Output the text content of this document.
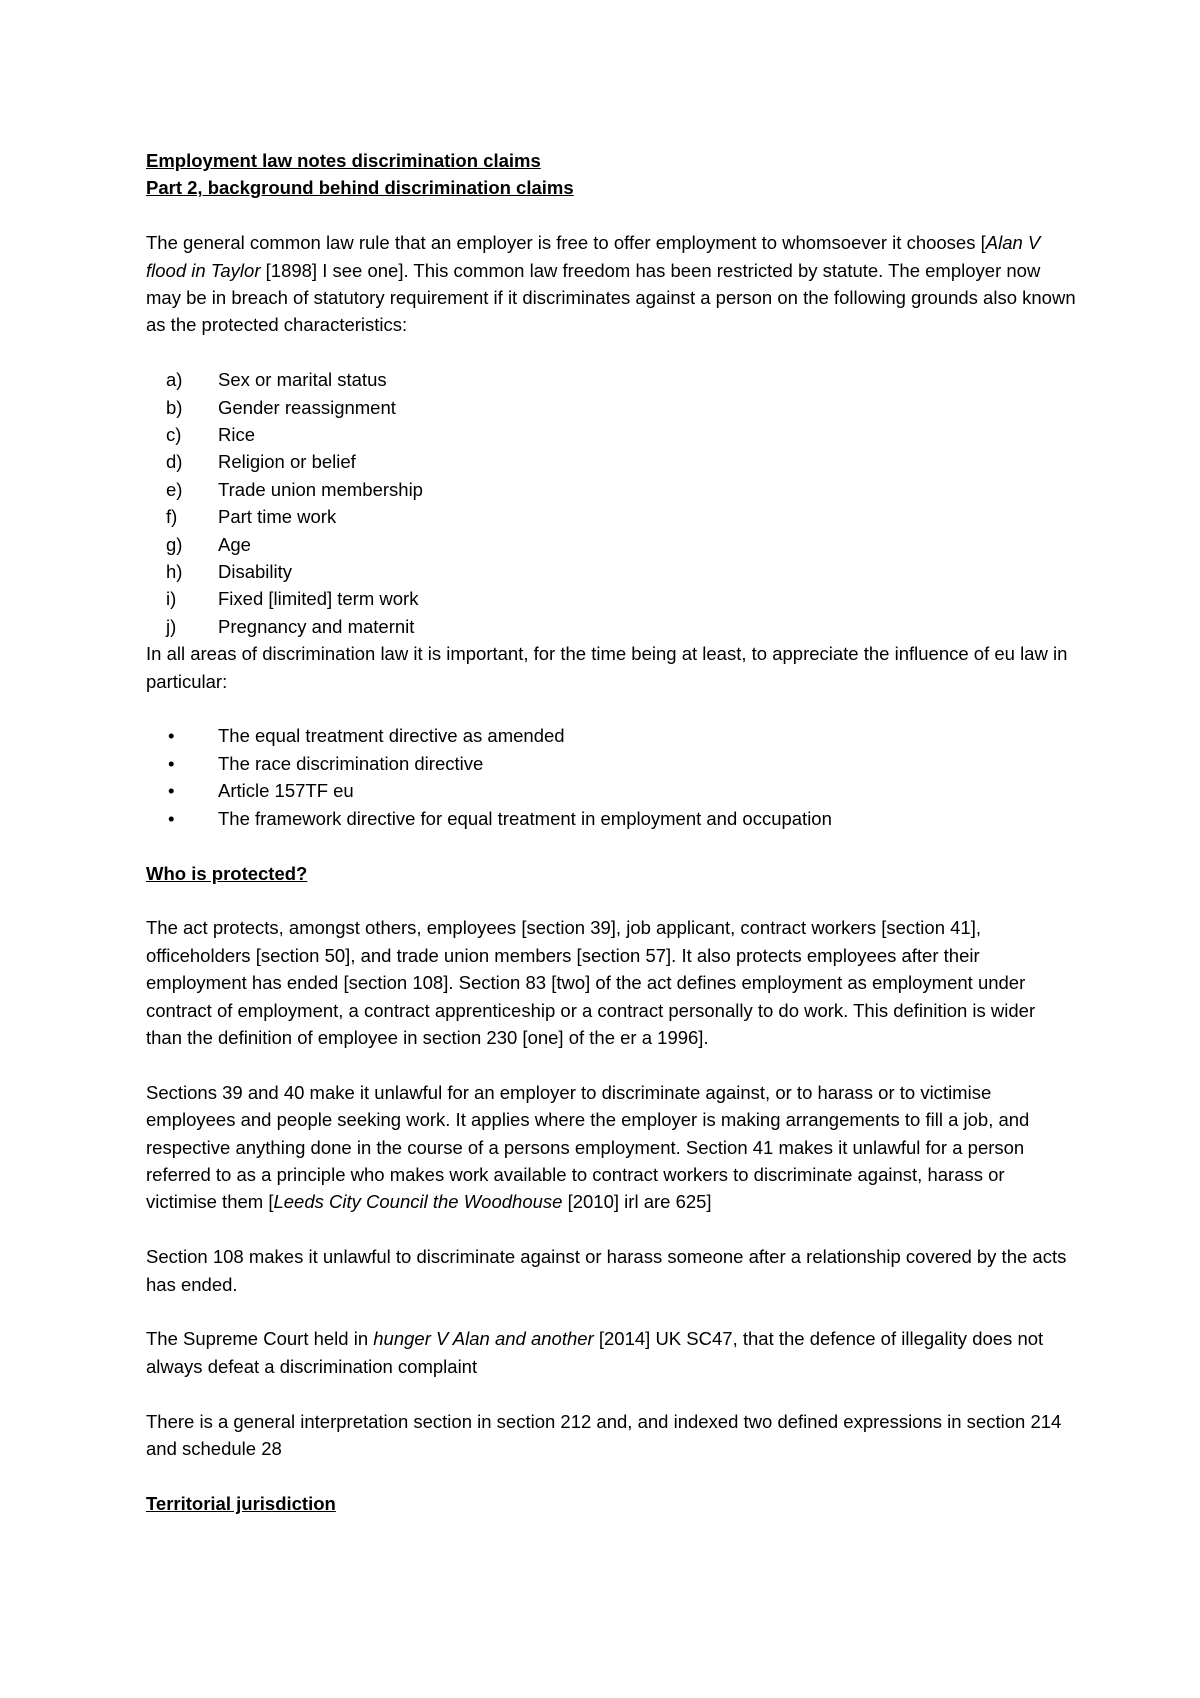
Employment law notes discrimination claims

Part 2, background behind discrimination claims

The general common law rule that an employer is free to offer employment to whomsoever it chooses [Alan V flood in Taylor [1898] I see one]. This common law freedom has been restricted by statute. The employer now may be in breach of statutory requirement if it discriminates against a person on the following grounds also known as the protected characteristics:

a) Sex or marital status
b) Gender reassignment
c) Rice
d) Religion or belief
e) Trade union membership
f) Part time work
g) Age
h) Disability
i) Fixed [limited] term work
j) Pregnancy and maternit

In all areas of discrimination law it is important, for the time being at least, to appreciate the influence of eu law in particular:

• The equal treatment directive as amended
• The race discrimination directive
• Article 157TF eu
• The framework directive for equal treatment in employment and occupation

Who is protected?

The act protects, amongst others, employees [section 39], job applicant, contract workers [section 41], officeholders [section 50], and trade union members [section 57]. It also protects employees after their employment has ended [section 108]. Section 83 [two] of the act defines employment as employment under contract of employment, a contract apprenticeship or a contract personally to do work. This definition is wider than the definition of employee in section 230 [one] of the er a 1996].

Sections 39 and 40 make it unlawful for an employer to discriminate against, or to harass or to victimise employees and people seeking work. It applies where the employer is making arrangements to fill a job, and respective anything done in the course of a persons employment. Section 41 makes it unlawful for a person referred to as a principle who makes work available to contract workers to discriminate against, harass or victimise them [Leeds City Council the Woodhouse [2010] irl are 625]

Section 108 makes it unlawful to discriminate against or harass someone after a relationship covered by the acts has ended.

The Supreme Court held in hunger V Alan and another [2014] UK SC47, that the defence of illegality does not always defeat a discrimination complaint

There is a general interpretation section in section 212 and, and indexed two defined expressions in section 214 and schedule 28

Territorial jurisdiction
